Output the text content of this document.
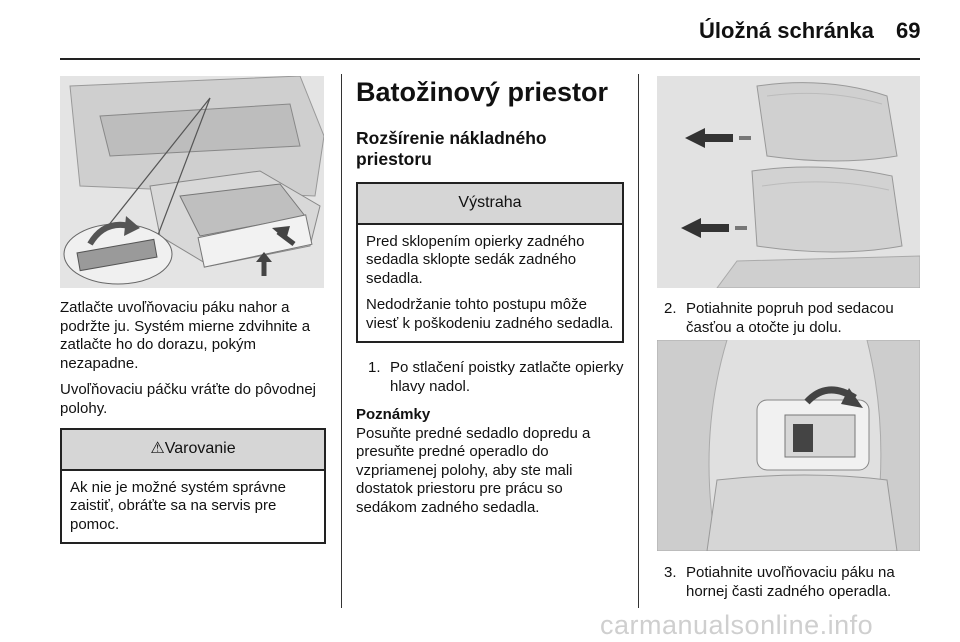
Úložná schránka 69

Zatlačte uvoľňovaciu páku nahor a podržte ju. Systém mierne zdvihnite a zatlačte ho do dorazu, pokým nezapadne.

Uvoľňovaciu páčku vráťte do pôvodnej polohy.

⚠Varovanie

Ak nie je možné systém správne zaistiť, obráťte sa na servis pre pomoc.

Batožinový priestor
Rozšírenie nákladného priestoru
Výstraha

Pred sklopením opierky zadného sedadla sklopte sedák zadného sedadla.

Nedodržanie tohto postupu môže viesť k poškodeniu zadného sedadla.

1. Po stlačení poistky zatlačte opierky hlavy nadol.
Poznámky
Posuňte predné sedadlo dopredu a presuňte predné operadlo do vzpriamenej polohy, aby ste mali dostatok priestoru pre prácu so sedákom zadného sedadla.
2. Potiahnite popruh pod sedacou časťou a otočte ju dolu.
3. Potiahnite uvoľňovaciu páku na hornej časti zadného operadla.
carmanualsonline.info
